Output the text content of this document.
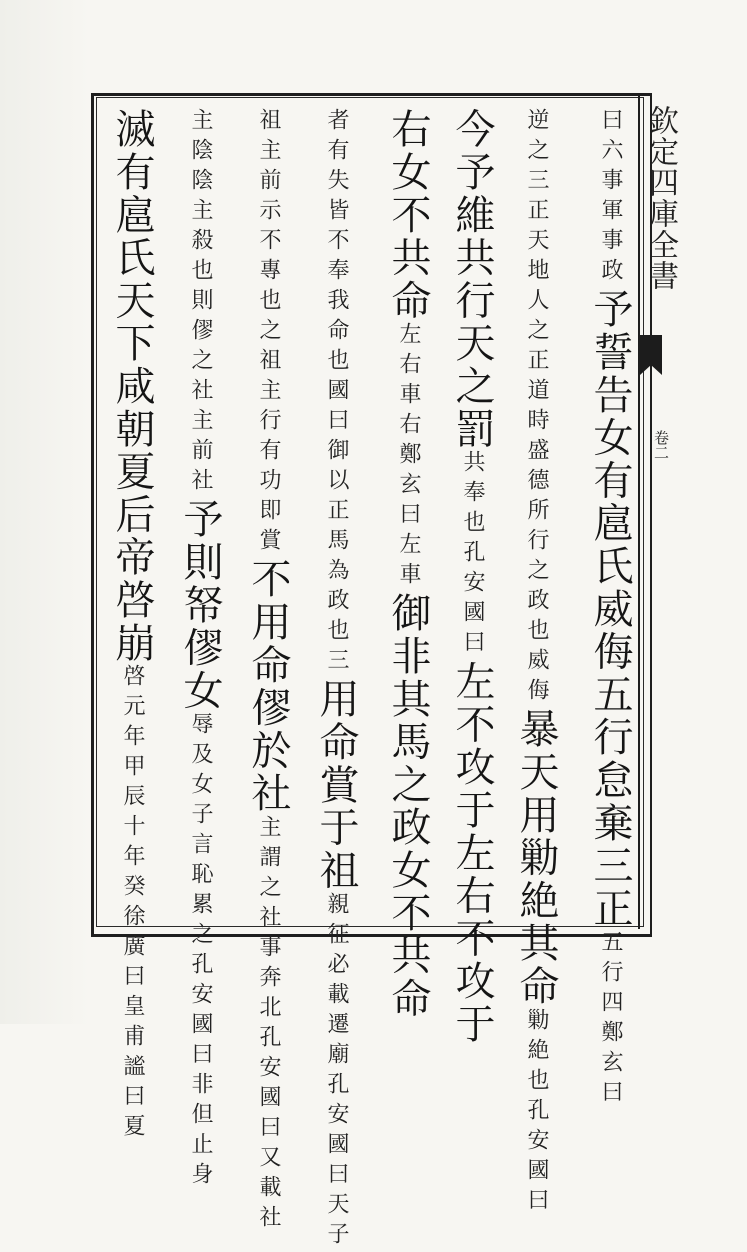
欽定四庫全書
卷二
軍事政
曰六事
予誓告女有扈氏威侮五行怠棄三正
鄭玄曰
五行四
時盛德所行之政也威侮
逆之三正天地人之正道
暴天用勦絶其命
孔安國曰
勦絶也
今予維共行天之罰
孔安國曰
共奉也
左不攻于左右不攻于
右女不共命
鄭玄曰左車
左右車右
御非其馬之政女不共命
國曰御以正馬為政也三
者有失皆不奉我命也
用命賞于祖
孔安國曰天子
親征必載遷廟
之祖主行有功即賞
祖主前示不專也
不用命僇於社
孔安國曰又載社
主謂之社事奔北
則僇之社主前社
主陰陰主殺也
予則帑僇女
孔安國曰非但止身
辱及女子言恥累之
滅有扈氏天下咸朝夏后帝啓崩
徐廣曰皇甫謐曰夏
啓元年甲辰十年癸
